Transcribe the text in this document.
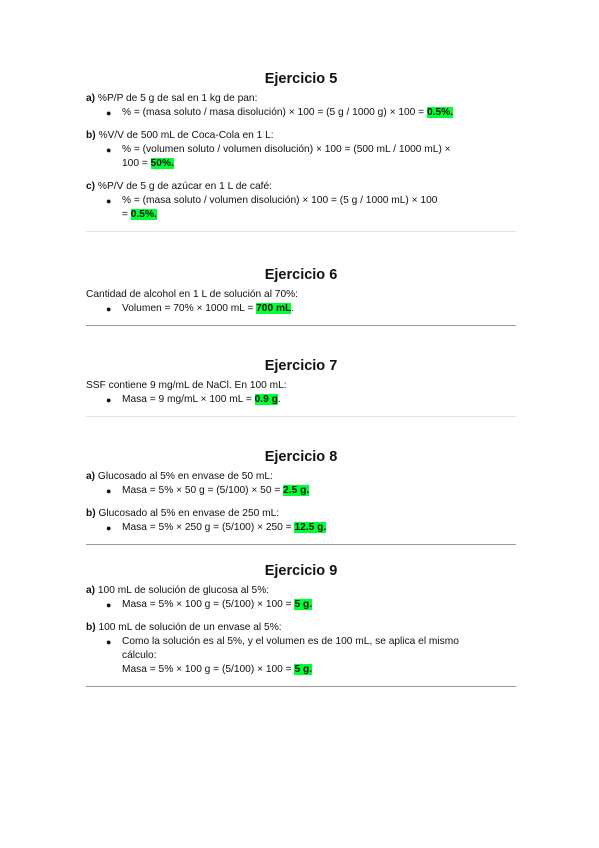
Ejercicio 5

a) %P/P de 5 g de sal en 1 kg de pan:

● % = (masa soluto / masa disolución) × 100 = (5 g / 1000 g) × 100 = 0.5%.

b) %V/V de 500 mL de Coca-Cola en 1 L:

● % = (volumen soluto / volumen disolución) × 100 = (500 mL / 1000 mL) ×
100 = 50%.

c) %P/V de 5 g de azúcar en 1 L de café:

● % = (masa soluto / volumen disolución) × 100 = (5 g / 1000 mL) × 100
= 0.5%.
Ejercicio 6

Cantidad de alcohol en 1 L de solución al 70%:

● Volumen = 70% × 1000 mL = 700 mL.
Ejercicio 7

SSF contiene 9 mg/mL de NaCl. En 100 mL:

● Masa = 9 mg/mL × 100 mL = 0.9 g.
Ejercicio 8

a) Glucosado al 5% en envase de 50 mL:

● Masa = 5% × 50 g = (5/100) × 50 = 2.5 g.

b) Glucosado al 5% en envase de 250 mL:

● Masa = 5% × 250 g = (5/100) × 250 = 12.5 g.
Ejercicio 9

a) 100 mL de solución de glucosa al 5%:

● Masa = 5% × 100 g = (5/100) × 100 = 5 g.

b) 100 mL de solución de un envase al 5%:

● Como la solución es al 5%, y el volumen es de 100 mL, se aplica el mismo
cálculo:
Masa = 5% × 100 g = (5/100) × 100 = 5 g.
